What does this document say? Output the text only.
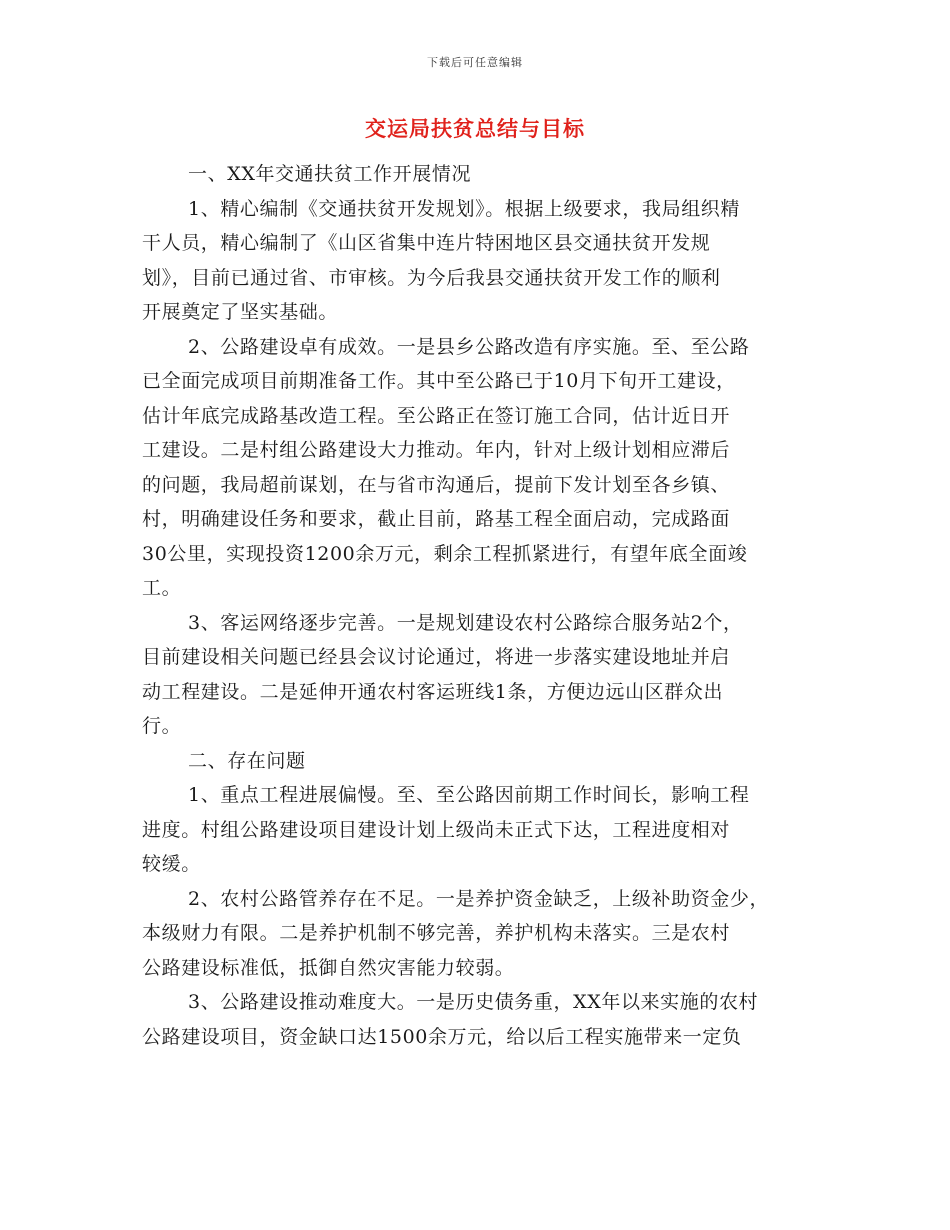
下载后可任意编辑
交运局扶贫总结与目标
一、XX年交通扶贫工作开展情况
1、精心编制《交通扶贫开发规划》。根据上级要求，我局组织精
干人员，精心编制了《山区省集中连片特困地区县交通扶贫开发规
划》，目前已通过省、市审核。为今后我县交通扶贫开发工作的顺利
开展奠定了坚实基础。
2、公路建设卓有成效。一是县乡公路改造有序实施。至、至公路
已全面完成项目前期准备工作。其中至公路已于10月下旬开工建设，
估计年底完成路基改造工程。至公路正在签订施工合同，估计近日开
工建设。二是村组公路建设大力推动。年内，针对上级计划相应滞后
的问题，我局超前谋划，在与省市沟通后，提前下发计划至各乡镇、
村，明确建设任务和要求，截止目前，路基工程全面启动，完成路面
30公里，实现投资1200余万元，剩余工程抓紧进行，有望年底全面竣
工。
3、客运网络逐步完善。一是规划建设农村公路综合服务站2个，
目前建设相关问题已经县会议讨论通过，将进一步落实建设地址并启
动工程建设。二是延伸开通农村客运班线1条，方便边远山区群众出
行。
二、存在问题
1、重点工程进展偏慢。至、至公路因前期工作时间长，影响工程
进度。村组公路建设项目建设计划上级尚未正式下达，工程进度相对
较缓。
2、农村公路管养存在不足。一是养护资金缺乏，上级补助资金少，
本级财力有限。二是养护机制不够完善，养护机构未落实。三是农村
公路建设标准低，抵御自然灾害能力较弱。
3、公路建设推动难度大。一是历史债务重，XX年以来实施的农村
公路建设项目，资金缺口达1500余万元，给以后工程实施带来一定负
